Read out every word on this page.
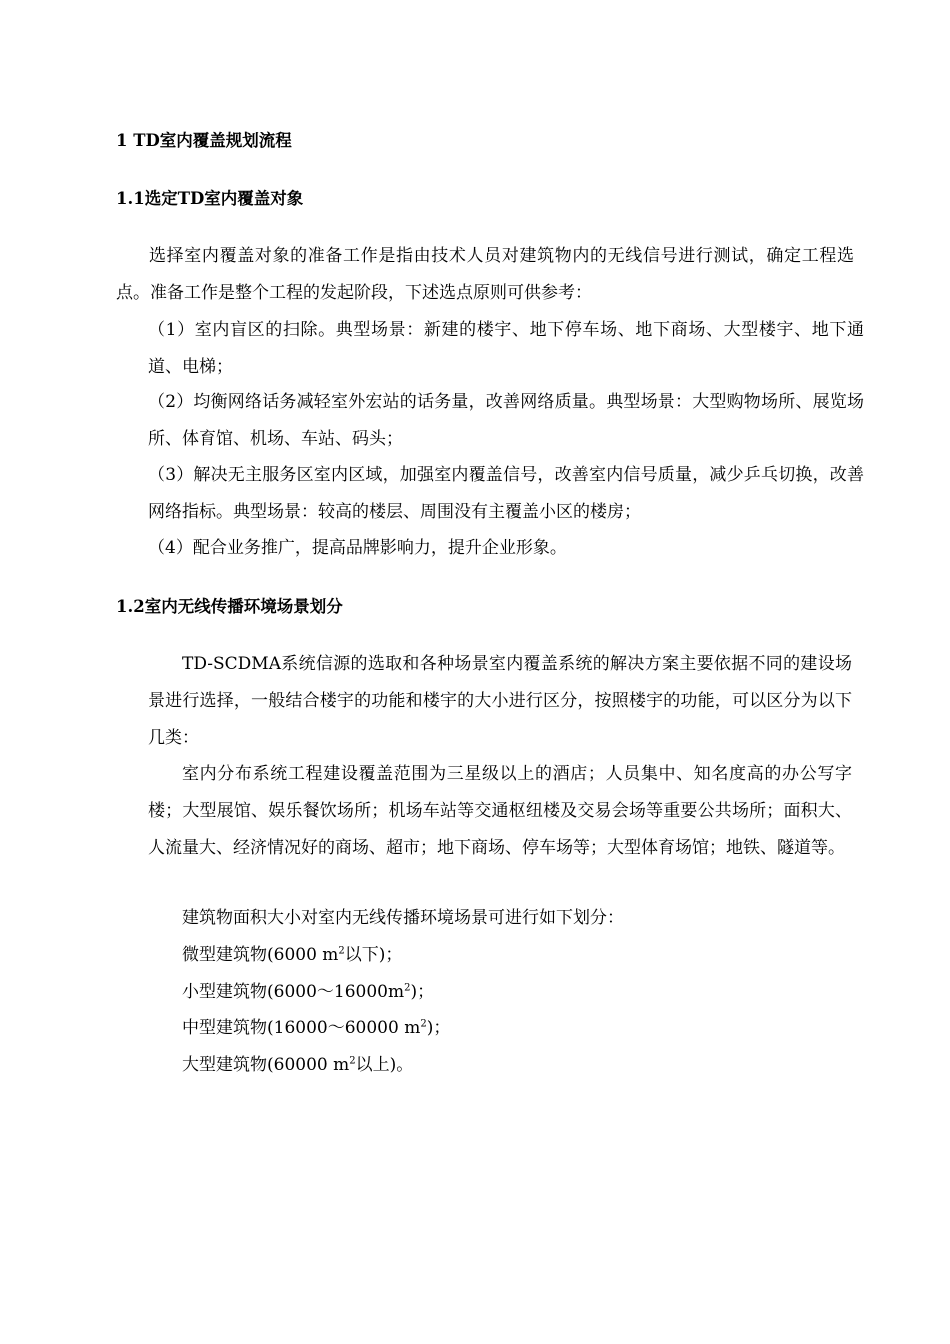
1 TD室内覆盖规划流程
1.1选定TD室内覆盖对象

选择室内覆盖对象的准备工作是指由技术人员对建筑物内的无线信号进行测试，确定工程选点。准备工作是整个工程的发起阶段，下述选点原则可供参考：

（1）室内盲区的扫除。典型场景：新建的楼宇、地下停车场、地下商场、大型楼宇、地下通道、电梯；

（2）均衡网络话务减轻室外宏站的话务量，改善网络质量。典型场景：大型购物场所、展览场所、体育馆、机场、车站、码头；

（3）解决无主服务区室内区域，加强室内覆盖信号，改善室内信号质量，减少乒乓切换，改善网络指标。典型场景：较高的楼层、周围没有主覆盖小区的楼房；

（4）配合业务推广，提高品牌影响力，提升企业形象。

1.2室内无线传播环境场景划分

TD-SCDMA系统信源的选取和各种场景室内覆盖系统的解决方案主要依据不同的建设场景进行选择，一般结合楼宇的功能和楼宇的大小进行区分，按照楼宇的功能，可以区分为以下几类：

室内分布系统工程建设覆盖范围为三星级以上的酒店；人员集中、知名度高的办公写字楼；大型展馆、娱乐餐饮场所；机场车站等交通枢纽楼及交易会场等重要公共场所；面积大、人流量大、经济情况好的商场、超市；地下商场、停车场等；大型体育场馆；地铁、隧道等。

建筑物面积大小对室内无线传播环境场景可进行如下划分：

微型建筑物(6000 $m^2$以下)；

小型建筑物$(6000\sim 16000m^2)$；

中型建筑物(16000～60000 $m^2$)；

大型建筑物(60000 $m^2$以上)。
